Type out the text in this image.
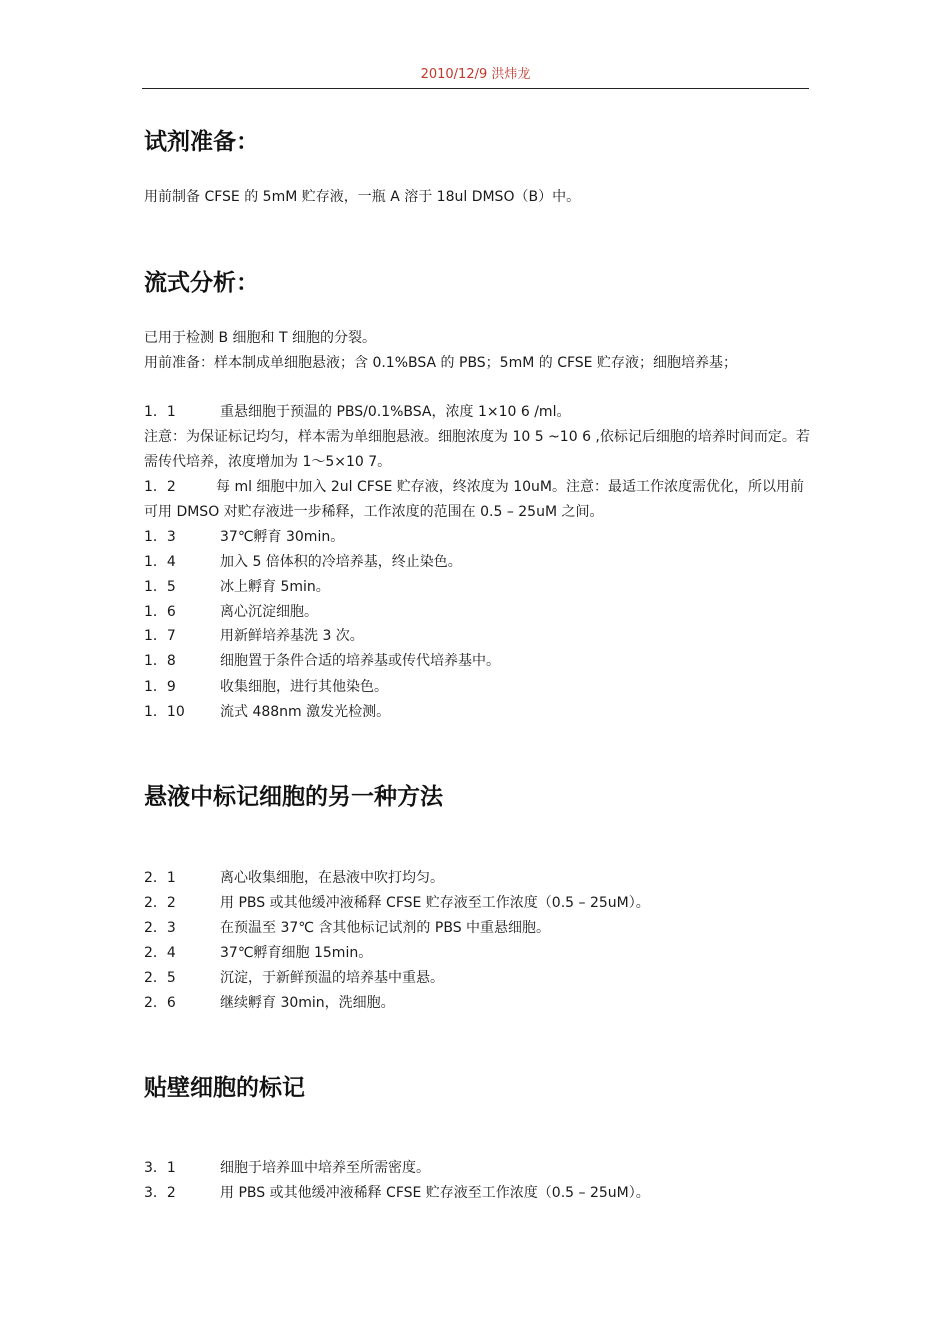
2010/12/9 洪炜龙
试剂准备：

用前制备 CFSE 的 5mM 贮存液，一瓶 A 溶于 18ul DMSO（B）中。

流式分析：

已用于检测 B 细胞和 T 细胞的分裂。

用前准备：样本制成单细胞悬液；含 0.1%BSA 的 PBS；5mM 的 CFSE 贮存液；细胞培养基；

1．1	重悬细胞于预温的 PBS/0.1%BSA，浓度 1×10 6 /ml。

注意：为保证标记均匀，样本需为单细胞悬液。细胞浓度为 10 5 ~10 6 ,依标记后细胞的培养时间而定。若需传代培养，浓度增加为 1～5×10 7。

1．2	每 ml 细胞中加入 2ul CFSE 贮存液，终浓度为 10uM。注意：最适工作浓度需优化，所以用前可用 DMSO 对贮存液进一步稀释，工作浓度的范围在 0.5 – 25uM 之间。
1．3	37℃孵育 30min。
1．4	加入 5 倍体积的冷培养基，终止染色。
1．5	冰上孵育 5min。
1．6	离心沉淀细胞。
1．7	用新鲜培养基洗 3 次。
1．8	细胞置于条件合适的培养基或传代培养基中。
1．9	收集细胞，进行其他染色。
1．10	流式 488nm 激发光检测。
悬液中标记细胞的另一种方法
2．1	离心收集细胞，在悬液中吹打均匀。
2．2	用 PBS 或其他缓冲液稀释 CFSE 贮存液至工作浓度（0.5 – 25uM）。
2．3	在预温至 37℃ 含其他标记试剂的 PBS 中重悬细胞。
2．4	37℃孵育细胞 15min。
2．5	沉淀，于新鲜预温的培养基中重悬。
2．6	继续孵育 30min，洗细胞。
贴壁细胞的标记
3．1	细胞于培养皿中培养至所需密度。
3．2	用 PBS 或其他缓冲液稀释 CFSE 贮存液至工作浓度（0.5 – 25uM）。
